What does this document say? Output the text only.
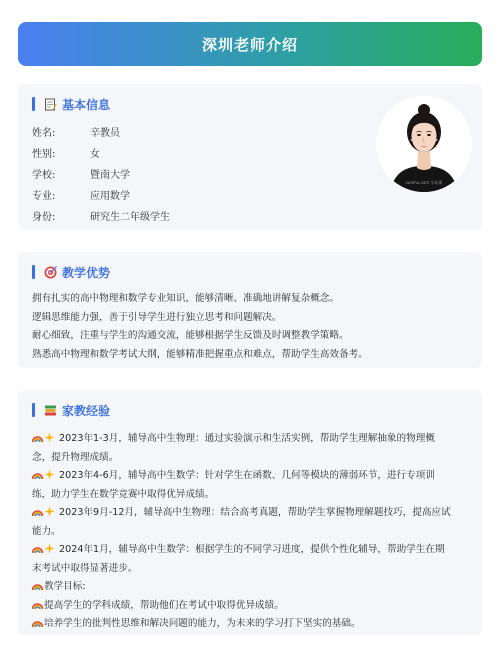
深圳老师介绍
基本信息
姓名:	辛教员
性别:	女
学校:	暨南大学
专业:	应用数学
身份:	研究生二年级学生
xuemu.com 学易课
教学优势
拥有扎实的高中物理和数学专业知识，能够清晰、准确地讲解复杂概念。
逻辑思维能力强，善于引导学生进行独立思考和问题解决。
耐心细致，注重与学生的沟通交流，能够根据学生反馈及时调整教学策略。
熟悉高中物理和数学考试大纲，能够精准把握重点和难点，帮助学生高效备考。
家教经验
2023年1-3月，辅导高中生物理：通过实验演示和生活实例，帮助学生理解抽象的物理概
念，提升物理成绩。
2023年4-6月，辅导高中生数学：针对学生在函数、几何等模块的薄弱环节，进行专项训
练，助力学生在数学竞赛中取得优异成绩。
2023年9月-12月，辅导高中生物理：结合高考真题，帮助学生掌握物理解题技巧，提高应试
能力。
2024年1月，辅导高中生数学：根据学生的不同学习进度，提供个性化辅导，帮助学生在期
末考试中取得显著进步。
教学目标:
提高学生的学科成绩，帮助他们在考试中取得优异成绩。
培养学生的批判性思维和解决问题的能力，为未来的学习打下坚实的基础。
